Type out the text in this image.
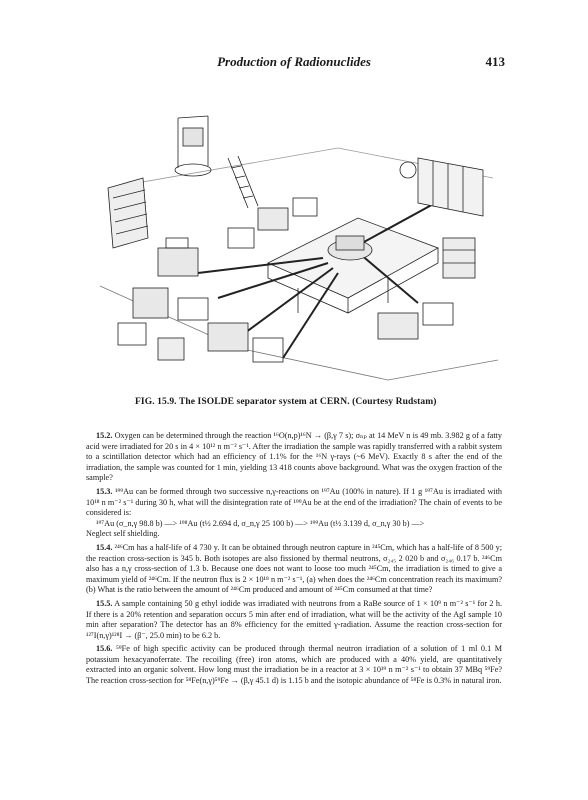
Production of Radionuclides	413
FIG. 15.9. The ISOLDE separator system at CERN. (Courtesy Rudstam)

15.2. Oxygen can be determined through the reaction ¹⁶O(n,p)¹⁶N → (β,γ 7 s); σₙₚ at 14 MeV n is 49 mb. 3.982 g of a fatty acid were irradiated for 20 s in 4 × 10¹² n m⁻² s⁻¹. After the irradiation the sample was rapidly transferred with a rabbit system to a scintillation detector which had an efficiency of 1.1% for the ¹⁶N γ-rays (~6 MeV). Exactly 8 s after the end of the irradiation, the sample was counted for 1 min, yielding 13 418 counts above background. What was the oxygen fraction of the sample?

15.3. ¹⁹⁹Au can be formed through two successive n,γ-reactions on ¹⁹⁷Au (100% in nature). If 1 g ¹⁹⁷Au is irradiated with 10¹⁸ n m⁻² s⁻¹ during 30 h, what will the disintegration rate of ¹⁹⁹Au be at the end of the irradiation? The chain of events to be considered is:
¹⁹⁷Au (σ_n,γ 98.8 b) —> ¹⁹⁸Au (t½ 2.694 d, σ_n,γ 25 100 b) —> ¹⁹⁹Au (t½ 3.139 d, σ_n,γ 30 b) —>
Neglect self shielding.

15.4. ²⁴⁶Cm has a half-life of 4 730 y. It can be obtained through neutron capture in ²⁴⁵Cm, which has a half-life of 8 500 y; the reaction cross-section is 345 b. Both isotopes are also fissioned by thermal neutrons, σ₂₄₅ 2 020 b and σ₂₄₆ 0.17 b. ²⁴⁶Cm also has a n,γ cross-section of 1.3 b. Because one does not want to loose too much ²⁴⁵Cm, the irradiation is timed to give a maximum yield of ²⁴⁶Cm. If the neutron flux is 2 × 10¹⁸ n m⁻² s⁻¹, (a) when does the ²⁴⁶Cm concentration reach its maximum? (b) What is the ratio between the amount of ²⁴⁶Cm produced and amount of ²⁴⁵Cm consumed at that time?

15.5. A sample containing 50 g ethyl iodide was irradiated with neutrons from a RaBe source of 1 × 10⁹ n m⁻² s⁻¹ for 2 h. If there is a 20% retention and separation occurs 5 min after end of irradiation, what will be the activity of the AgI sample 10 min after separation? The detector has an 8% efficiency for the emitted γ-radiation. Assume the reaction cross-section for ¹²⁷I(n,γ)¹²⁸I → (β⁻, 25.0 min) to be 6.2 b.

15.6. ⁵⁹Fe of high specific activity can be produced through thermal neutron irradiation of a solution of 1 ml 0.1 M potassium hexacyanoferrate. The recoiling (free) iron atoms, which are produced with a 40% yield, are quantitatively extracted into an organic solvent. How long must the irradiation be in a reactor at 3 × 10¹⁹ n m⁻² s⁻¹ to obtain 37 MBq ⁵⁹Fe? The reaction cross-section for ⁵⁸Fe(n,γ)⁵⁹Fe → (β,γ 45.1 d) is 1.15 b and the isotopic abundance of ⁵⁸Fe is 0.3% in natural iron.
